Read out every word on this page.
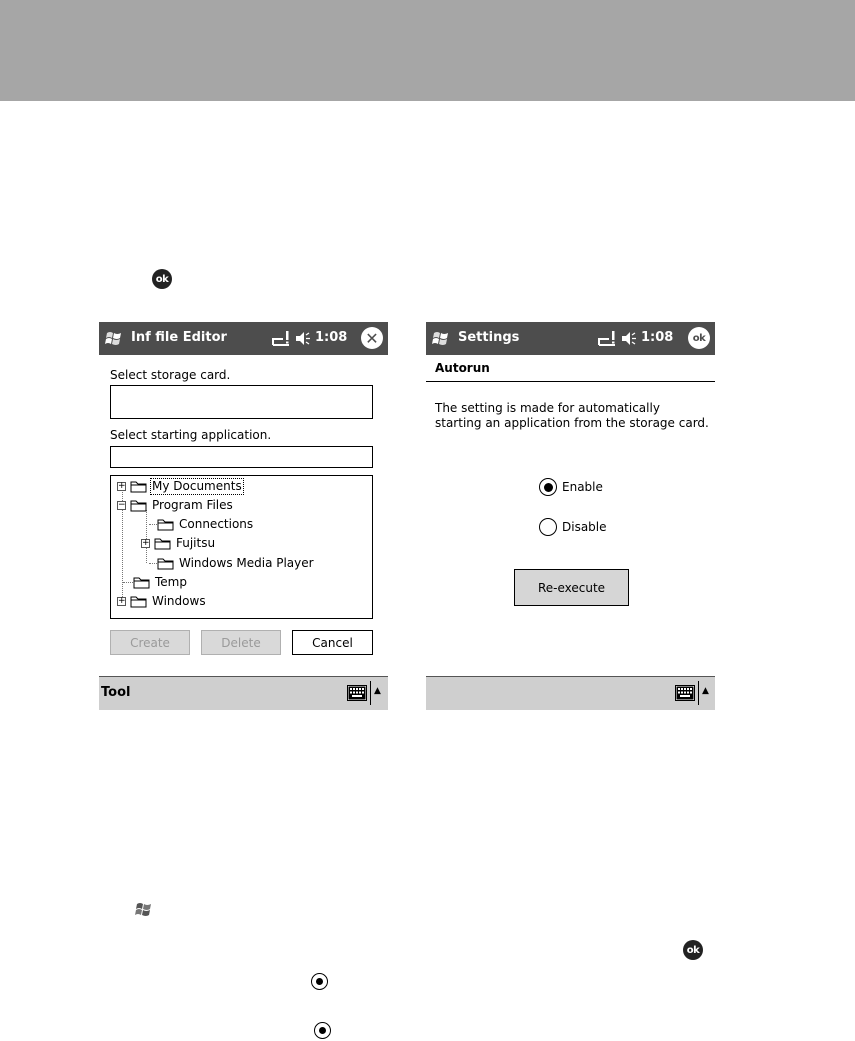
ok
ok
Inf file Editor	1:08 ✕
Select storage card.
Select starting application.
+ My Documents
− Program Files
Connections
+ Fujitsu
Windows Media Player
Temp
+ Windows
Create	Delete	Cancel
Tool	▲
Settings	1:08 ok
Autorun
The setting is made for automatically starting an application from the storage card.
Enable
Disable
Re-execute
▲
